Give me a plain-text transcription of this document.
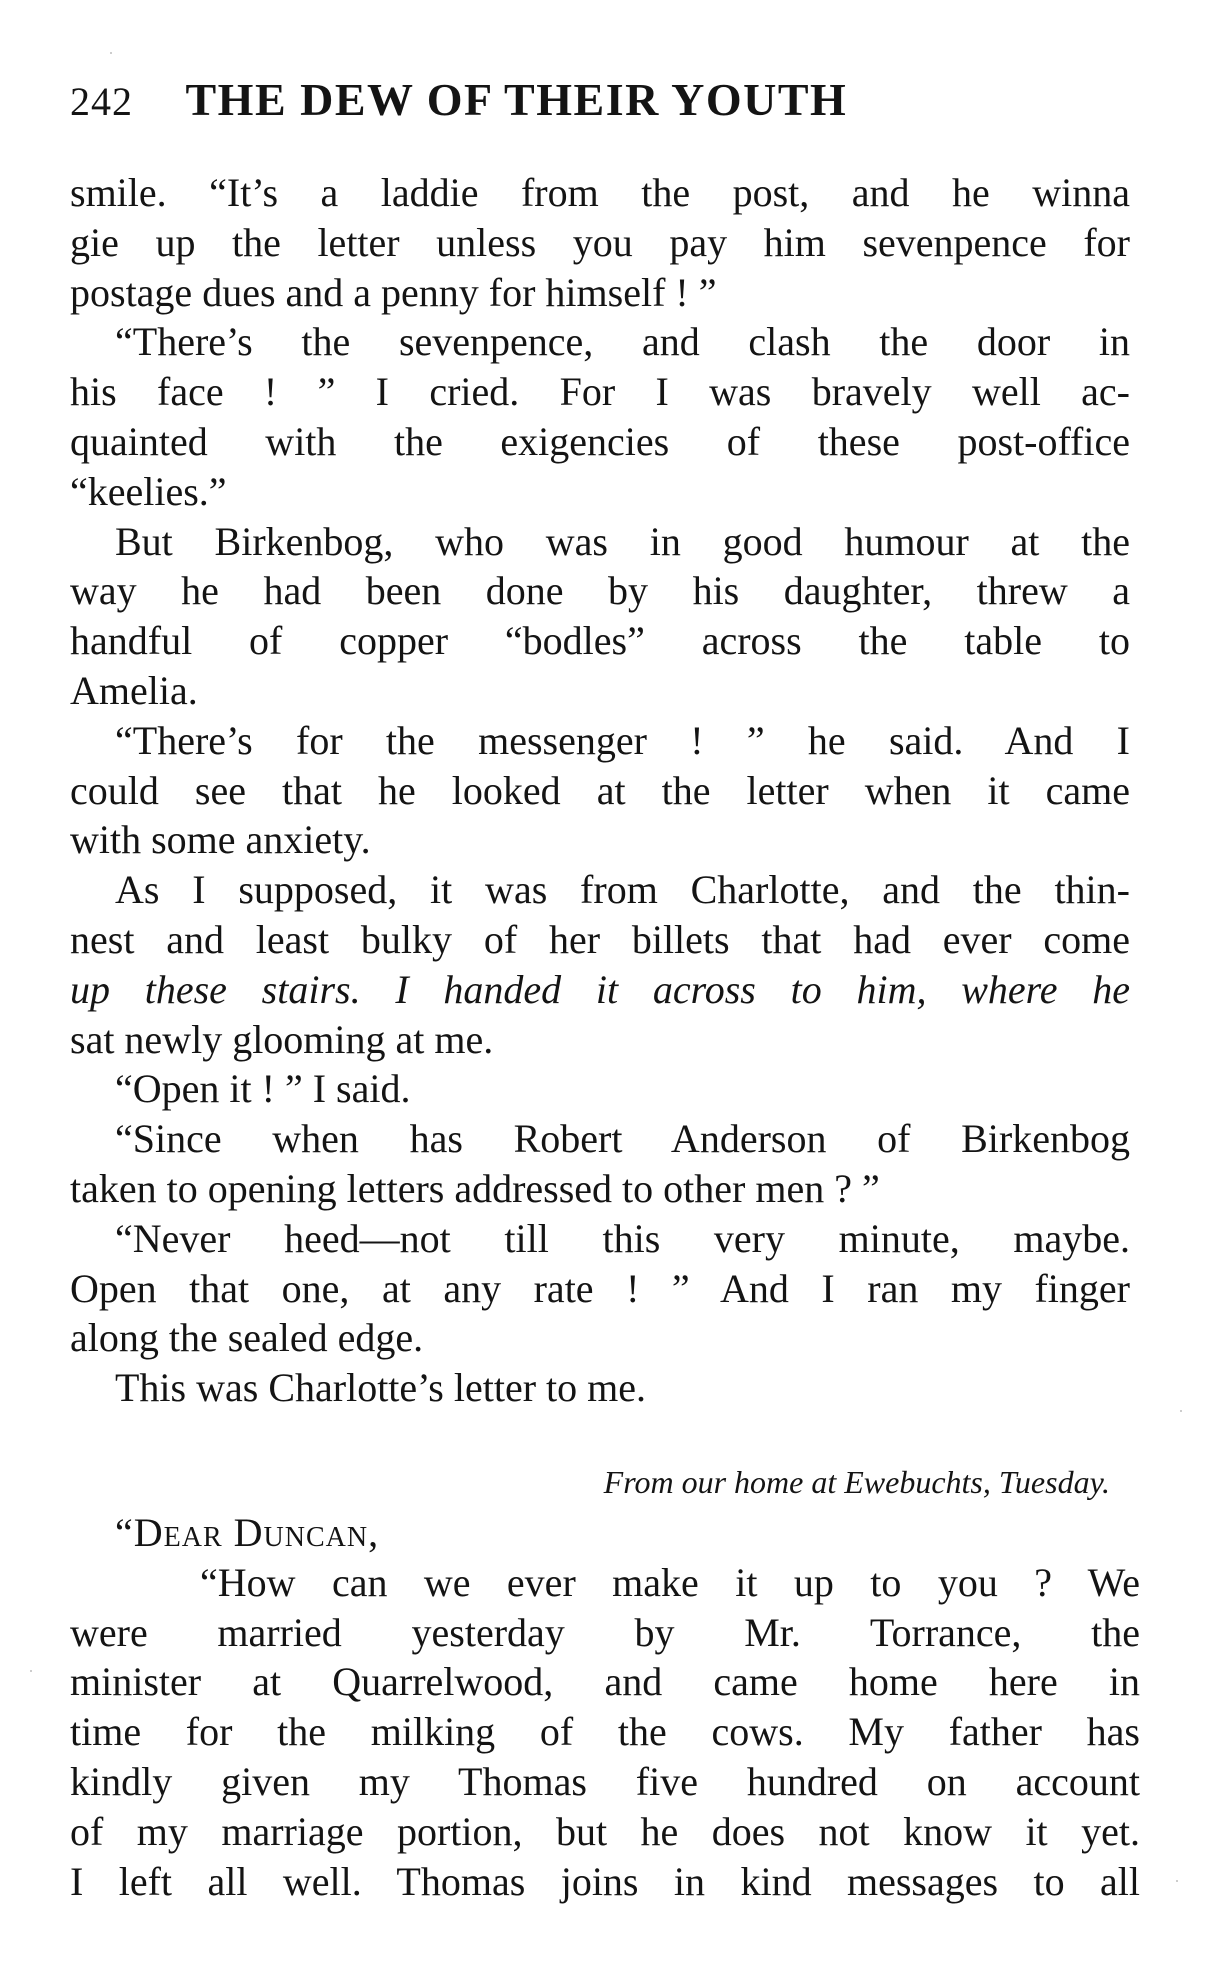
242 THE DEW OF THEIR YOUTH
smile. “It’s a laddie from the post, and he winna
gie up the letter unless you pay him sevenpence for
postage dues and a penny for himself ! ”
“There’s the sevenpence, and clash the door in
his face ! ” I cried. For I was bravely well ac-
quainted with the exigencies of these post-office
“keelies.”
But Birkenbog, who was in good humour at the
way he had been done by his daughter, threw a
handful of copper “bodles” across the table to
Amelia.
“There’s for the messenger ! ” he said. And I
could see that he looked at the letter when it came
with some anxiety.
As I supposed, it was from Charlotte, and the thin-
nest and least bulky of her billets that had ever come
up these stairs. I handed it across to him, where he
sat newly glooming at me.
“Open it ! ” I said.
“Since when has Robert Anderson of Birkenbog
taken to opening letters addressed to other men ? ”
“Never heed—not till this very minute, maybe.
Open that one, at any rate ! ” And I ran my finger
along the sealed edge.
This was Charlotte’s letter to me.
From our home at Ewebuchts, Tuesday.
“Dear Duncan,
“How can we ever make it up to you ? We
were married yesterday by Mr. Torrance, the
minister at Quarrelwood, and came home here in
time for the milking of the cows. My father has
kindly given my Thomas five hundred on account
of my marriage portion, but he does not know it yet.
I left all well. Thomas joins in kind messages to all
